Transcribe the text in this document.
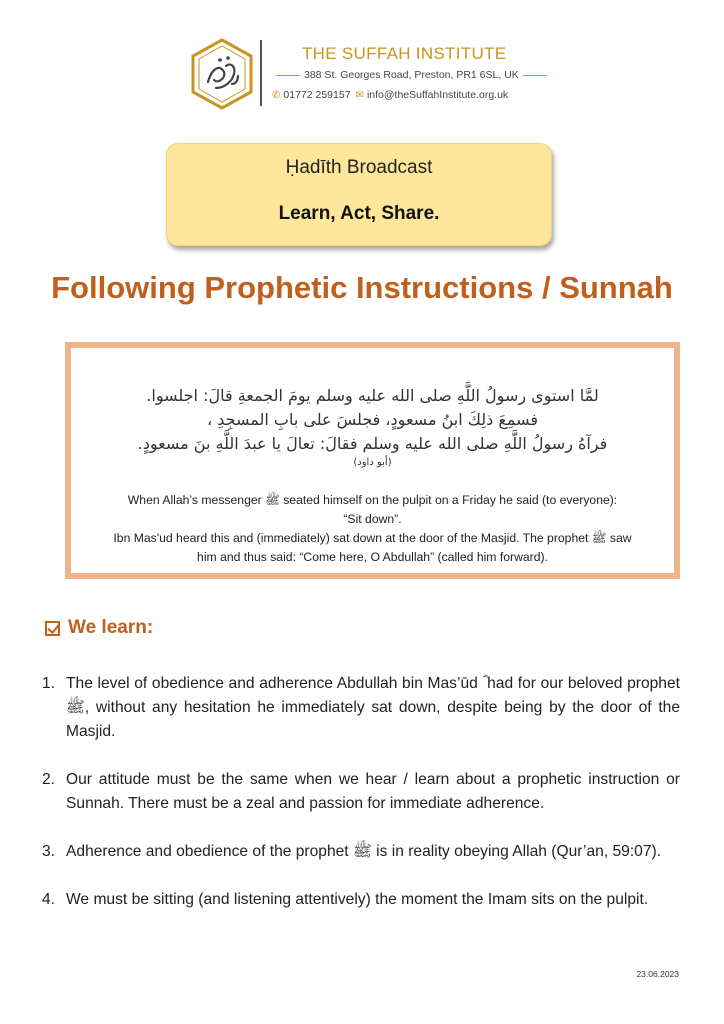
THE SUFFAH INSTITUTE
388 St. Georges Road, Preston, PR1 6SL, UK
✆ 01772 259157 ✉ info@theSuffahInstitute.org.uk
Ḥadīth Broadcast
Learn, Act, Share.
Following Prophetic Instructions / Sunnah
لمَّا استوى رسولُ اللَّهِ صلى الله عليه وسلم يومَ الجمعةِ قالَ: اجلسوا.
فسمِعَ ذلِكَ ابنُ مسعودٍ، فجلسَ على بابِ المسجِدِ ،
فرآهُ رسولُ اللَّهِ صلى الله عليه وسلم فقالَ: تعالَ يا عبدَ اللَّهِ بنَ مسعودٍ.
(أبو داود)
When Allah’s messenger ﷺ seated himself on the pulpit on a Friday he said (to everyone):
“Sit down”.
Ibn Mas'ud heard this and (immediately) sat down at the door of the Masjid. The prophet ﷺ saw
him and thus said: “Come here, O Abdullah” (called him forward).
We learn:
1. The level of obedience and adherence Abdullah bin Mas’ūd ؓ had for our beloved prophet ﷺ, without any hesitation he immediately sat down, despite being by the door of the Masjid.
2. Our attitude must be the same when we hear / learn about a prophetic instruction or Sunnah. There must be a zeal and passion for immediate adherence.
3. Adherence and obedience of the prophet ﷺ is in reality obeying Allah (Qur’an, 59:07).
4. We must be sitting (and listening attentively) the moment the Imam sits on the pulpit.
23.06.2023
